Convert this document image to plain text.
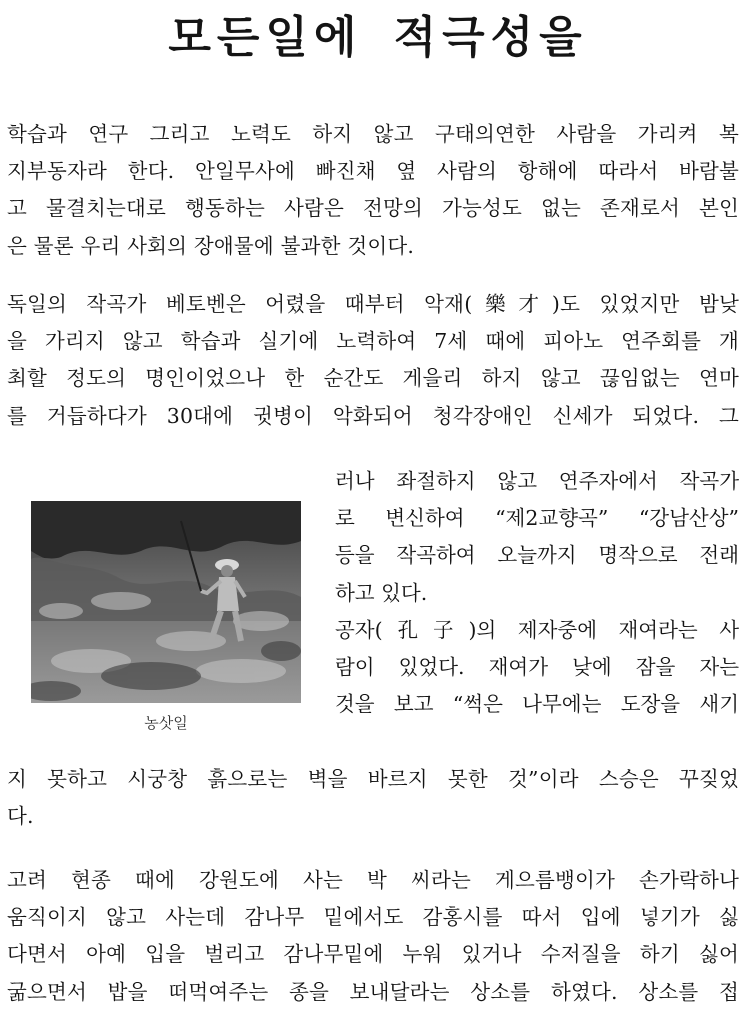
모든일에 적극성을
학습과 연구 그리고 노력도 하지 않고 구태의연한 사람을 가리켜 복
지부동자라 한다. 안일무사에 빠진채 옆 사람의 항해에 따라서 바람불
고 물결치는대로 행동하는 사람은 전망의 가능성도 없는 존재로서 본인
은 물론 우리 사회의 장애물에 불과한 것이다.
독일의 작곡가 베토벤은 어렸을 때부터 악재(樂才)도 있었지만 밤낮
을 가리지 않고 학습과 실기에 노력하여 7세 때에 피아노 연주회를 개
최할 정도의 명인이었으나 한 순간도 게을리 하지 않고 끊임없는 연마
를 거듭하다가 30대에 귓병이 악화되어 청각장애인 신세가 되었다. 그
농삿일
러나 좌절하지 않고 연주자에서 작곡가
로 변신하여 “제2교향곡” “강남산상”
등을 작곡하여 오늘까지 명작으로 전래
하고 있다.
공자(孔子)의 제자중에 재여라는 사
람이 있었다. 재여가 낮에 잠을 자는
것을 보고 “썩은 나무에는 도장을 새기
지 못하고 시궁창 흙으로는 벽을 바르지 못한 것”이라 스승은 꾸짖었
다.
고려 현종 때에 강원도에 사는 박 씨라는 게으름뱅이가 손가락하나
움직이지 않고 사는데 감나무 밑에서도 감홍시를 따서 입에 넣기가 싫
다면서 아예 입을 벌리고 감나무밑에 누워 있거나 수저질을 하기 싫어
굶으면서 밥을 떠먹여주는 종을 보내달라는 상소를 하였다. 상소를 접
